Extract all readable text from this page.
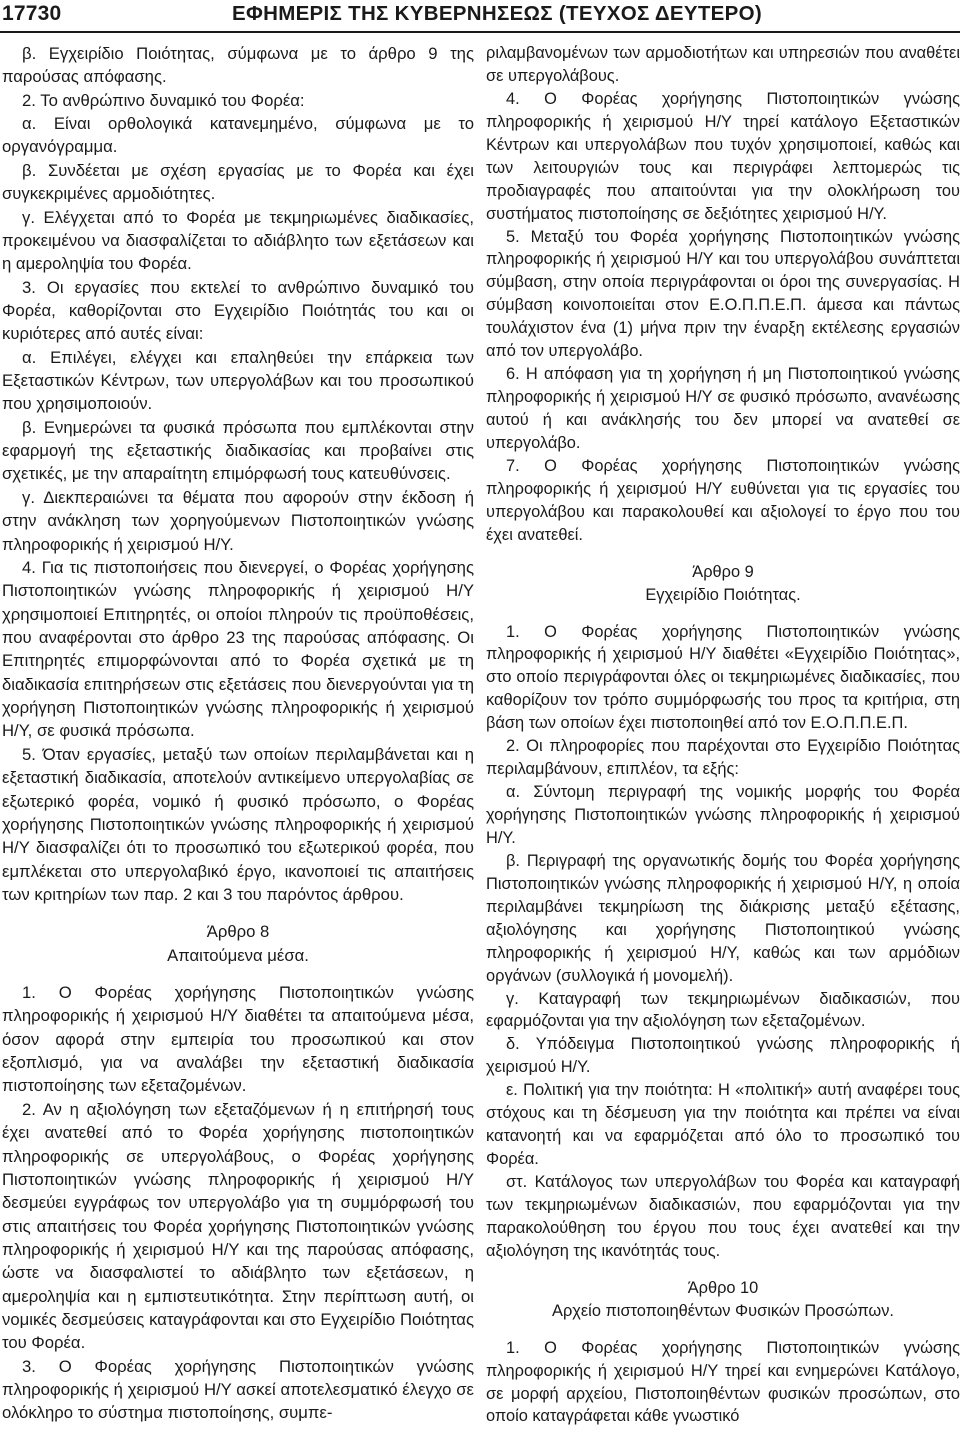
17730	ΕΦΗΜΕΡΙΣ ΤΗΣ ΚΥΒΕΡΝΗΣΕΩΣ (ΤΕΥΧΟΣ ΔΕΥΤΕΡΟ)

β. Εγχειρίδιο Ποιότητας, σύμφωνα με το άρθρο 9 της παρούσας απόφασης.

2. Το ανθρώπινο δυναμικό του Φορέα:

α. Είναι ορθολογικά κατανεμημένο, σύμφωνα με το οργανόγραμμα.

β. Συνδέεται με σχέση εργασίας με το Φορέα και έχει συγκεκριμένες αρμοδιότητες.

γ. Ελέγχεται από το Φορέα με τεκμηριωμένες διαδικασίες, προκειμένου να διασφαλίζεται το αδιάβλητο των εξετάσεων και η αμεροληψία του Φορέα.

3. Οι εργασίες που εκτελεί το ανθρώπινο δυναμικό του Φορέα, καθορίζονται στο Εγχειρίδιο Ποιότητάς του και οι κυριότερες από αυτές είναι:

α. Επιλέγει, ελέγχει και επαληθεύει την επάρκεια των Εξεταστικών Κέντρων, των υπεργολάβων και του προσωπικού που χρησιμοποιούν.

β. Ενημερώνει τα φυσικά πρόσωπα που εμπλέκονται στην εφαρμογή της εξεταστικής διαδικασίας και προβαίνει στις σχετικές, με την απαραίτητη επιμόρφωσή τους κατευθύνσεις.

γ. Διεκπεραιώνει τα θέματα που αφορούν στην έκδοση ή στην ανάκληση των χορηγούμενων Πιστοποιητικών γνώσης πληροφορικής ή χειρισμού Η/Υ.

4. Για τις πιστοποιήσεις που διενεργεί, ο Φορέας χορήγησης Πιστοποιητικών γνώσης πληροφορικής ή χειρισμού Η/Υ χρησιμοποιεί Επιτηρητές, οι οποίοι πληρούν τις προϋποθέσεις, που αναφέρονται στο άρθρο 23 της παρούσας απόφασης. Οι Επιτηρητές επιμορφώνονται από το Φορέα σχετικά με τη διαδικασία επιτηρήσεων στις εξετάσεις που διενεργούνται για τη χορήγηση Πιστοποιητικών γνώσης πληροφορικής ή χειρισμού Η/Υ, σε φυσικά πρόσωπα.

5. Όταν εργασίες, μεταξύ των οποίων περιλαμβάνεται και η εξεταστική διαδικασία, αποτελούν αντικείμενο υπεργολαβίας σε εξωτερικό φορέα, νομικό ή φυσικό πρόσωπο, ο Φορέας χορήγησης Πιστοποιητικών γνώσης πληροφορικής ή χειρισμού Η/Υ διασφαλίζει ότι το προσωπικό του εξωτερικού φορέα, που εμπλέκεται στο υπεργολαβικό έργο, ικανοποιεί τις απαιτήσεις των κριτηρίων των παρ. 2 και 3 του παρόντος άρθρου.

Άρθρο 8

Απαιτούμενα μέσα.

1. Ο Φορέας χορήγησης Πιστοποιητικών γνώσης πληροφορικής ή χειρισμού Η/Υ διαθέτει τα απαιτούμενα μέσα, όσον αφορά στην εμπειρία του προσωπικού και στον εξοπλισμό, για να αναλάβει την εξεταστική διαδικασία πιστοποίησης των εξεταζομένων.

2. Αν η αξιολόγηση των εξεταζόμενων ή η επιτήρησή τους έχει ανατεθεί από το Φορέα χορήγησης πιστοποιητικών πληροφορικής σε υπεργολάβους, ο Φορέας χορήγησης Πιστοποιητικών γνώσης πληροφορικής ή χειρισμού Η/Υ δεσμεύει εγγράφως τον υπεργολάβο για τη συμμόρφωσή του στις απαιτήσεις του Φορέα χορήγησης Πιστοποιητικών γνώσης πληροφορικής ή χειρισμού Η/Υ και της παρούσας απόφασης, ώστε να διασφαλιστεί το αδιάβλητο των εξετάσεων, η αμεροληψία και η εμπιστευτικότητα. Στην περίπτωση αυτή, οι νομικές δεσμεύσεις καταγράφονται και στο Εγχειρίδιο Ποιότητας του Φορέα.

3. Ο Φορέας χορήγησης Πιστοποιητικών γνώσης πληροφορικής ή χειρισμού Η/Υ ασκεί αποτελεσματικό έλεγχο σε ολόκληρο το σύστημα πιστοποίησης, συμπε-

ριλαμβανομένων των αρμοδιοτήτων και υπηρεσιών που αναθέτει σε υπεργολάβους.

4. Ο Φορέας χορήγησης Πιστοποιητικών γνώσης πληροφορικής ή χειρισμού Η/Υ τηρεί κατάλογο Εξεταστικών Κέντρων και υπεργολάβων που τυχόν χρησιμοποιεί, καθώς και των λειτουργιών τους και περιγράφει λεπτομερώς τις προδιαγραφές που απαιτούνται για την ολοκλήρωση του συστήματος πιστοποίησης σε δεξιότητες χειρισμού Η/Υ.

5. Μεταξύ του Φορέα χορήγησης Πιστοποιητικών γνώσης πληροφορικής ή χειρισμού Η/Υ και του υπεργολάβου συνάπτεται σύμβαση, στην οποία περιγράφονται οι όροι της συνεργασίας. Η σύμβαση κοινοποιείται στον Ε.Ο.Π.Π.Ε.Π. άμεσα και πάντως τουλάχιστον ένα (1) μήνα πριν την έναρξη εκτέλεσης εργασιών από τον υπεργολάβο.

6. Η απόφαση για τη χορήγηση ή μη Πιστοποιητικού γνώσης πληροφορικής ή χειρισμού Η/Υ σε φυσικό πρόσωπο, ανανέωσης αυτού ή και ανάκλησής του δεν μπορεί να ανατεθεί σε υπεργολάβο.

7. Ο Φορέας χορήγησης Πιστοποιητικών γνώσης πληροφορικής ή χειρισμού Η/Υ ευθύνεται για τις εργασίες του υπεργολάβου και παρακολουθεί και αξιολογεί το έργο που του έχει ανατεθεί.

Άρθρο 9

Εγχειρίδιο Ποιότητας.

1. Ο Φορέας χορήγησης Πιστοποιητικών γνώσης πληροφορικής ή χειρισμού Η/Υ διαθέτει «Εγχειρίδιο Ποιότητας», στο οποίο περιγράφονται όλες οι τεκμηριωμένες διαδικασίες, που καθορίζουν τον τρόπο συμμόρφωσής του προς τα κριτήρια, στη βάση των οποίων έχει πιστοποιηθεί από τον Ε.Ο.Π.Π.Ε.Π.

2. Οι πληροφορίες που παρέχονται στο Εγχειρίδιο Ποιότητας περιλαμβάνουν, επιπλέον, τα εξής:

α. Σύντομη περιγραφή της νομικής μορφής του Φορέα χορήγησης Πιστοποιητικών γνώσης πληροφορικής ή χειρισμού Η/Υ.

β. Περιγραφή της οργανωτικής δομής του Φορέα χορήγησης Πιστοποιητικών γνώσης πληροφορικής ή χειρισμού Η/Υ, η οποία περιλαμβάνει τεκμηρίωση της διάκρισης μεταξύ εξέτασης, αξιολόγησης και χορήγησης Πιστοποιητικού γνώσης πληροφορικής ή χειρισμού Η/Υ, καθώς και των αρμόδιων οργάνων (συλλογικά ή μονομελή).

γ. Καταγραφή των τεκμηριωμένων διαδικασιών, που εφαρμόζονται για την αξιολόγηση των εξεταζομένων.

δ. Υπόδειγμα Πιστοποιητικού γνώσης πληροφορικής ή χειρισμού Η/Υ.

ε. Πολιτική για την ποιότητα: Η «πολιτική» αυτή αναφέρει τους στόχους και τη δέσμευση για την ποιότητα και πρέπει να είναι κατανοητή και να εφαρμόζεται από όλο το προσωπικό του Φορέα.

στ. Κατάλογος των υπεργολάβων του Φορέα και καταγραφή των τεκμηριωμένων διαδικασιών, που εφαρμόζονται για την παρακολούθηση του έργου που τους έχει ανατεθεί και την αξιολόγηση της ικανότητάς τους.

Άρθρο 10

Αρχείο πιστοποιηθέντων Φυσικών Προσώπων.

1. Ο Φορέας χορήγησης Πιστοποιητικών γνώσης πληροφορικής ή χειρισμού Η/Υ τηρεί και ενημερώνει Κατάλογο, σε μορφή αρχείου, Πιστοποιηθέντων φυσικών προσώπων, στο οποίο καταγράφεται κάθε γνωστικό
